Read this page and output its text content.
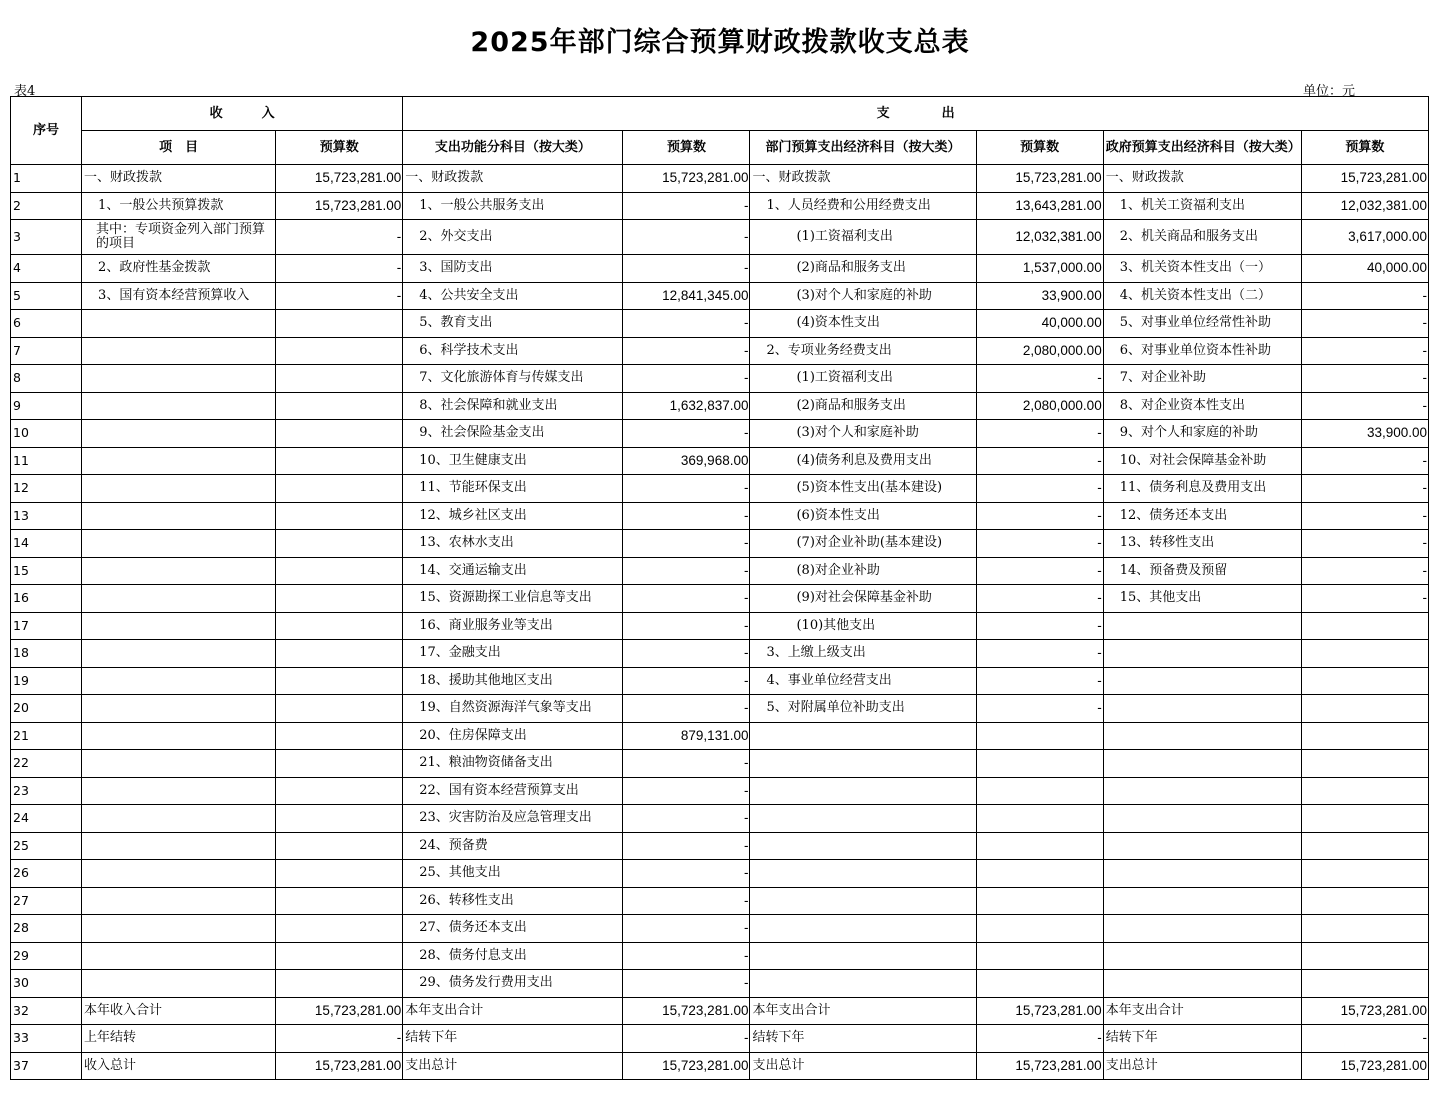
2025年部门综合预算财政拨款收支总表
表4	单位：元
序号	收　　　入		支　　　　出					
	项　目	预算数	支出功能分科目（按大类）	预算数	部门预算支出经济科目（按大类）	预算数	政府预算支出经济科目（按大类）	预算数
1	一、财政拨款	15,723,281.00	一、财政拨款	15,723,281.00	一、财政拨款	15,723,281.00	一、财政拨款	15,723,281.00
2	1、一般公共预算拨款	15,723,281.00	1、一般公共服务支出	-	1、人员经费和公用经费支出	13,643,281.00	1、机关工资福利支出	12,032,381.00
3	其中：专项资金列入部门预算的项目	-	2、外交支出	-	(1)工资福利支出	12,032,381.00	2、机关商品和服务支出	3,617,000.00
4	2、政府性基金拨款	-	3、国防支出	-	(2)商品和服务支出	1,537,000.00	3、机关资本性支出（一）	40,000.00
5	3、国有资本经营预算收入	-	4、公共安全支出	12,841,345.00	(3)对个人和家庭的补助	33,900.00	4、机关资本性支出（二）	-
6			5、教育支出	-	(4)资本性支出	40,000.00	5、对事业单位经常性补助	-
7			6、科学技术支出	-	2、专项业务经费支出	2,080,000.00	6、对事业单位资本性补助	-
8			7、文化旅游体育与传媒支出	-	(1)工资福利支出	-	7、对企业补助	-
9			8、社会保障和就业支出	1,632,837.00	(2)商品和服务支出	2,080,000.00	8、对企业资本性支出	-
10			9、社会保险基金支出	-	(3)对个人和家庭补助	-	9、对个人和家庭的补助	33,900.00
11			10、卫生健康支出	369,968.00	(4)债务利息及费用支出	-	10、对社会保障基金补助	-
12			11、节能环保支出	-	(5)资本性支出(基本建设)	-	11、债务利息及费用支出	-
13			12、城乡社区支出	-	(6)资本性支出	-	12、债务还本支出	-
14			13、农林水支出	-	(7)对企业补助(基本建设)	-	13、转移性支出	-
15			14、交通运输支出	-	(8)对企业补助	-	14、预备费及预留	-
16			15、资源勘探工业信息等支出	-	(9)对社会保障基金补助	-	15、其他支出	-
17			16、商业服务业等支出	-	(10)其他支出	-		
18			17、金融支出	-	3、上缴上级支出	-		
19			18、援助其他地区支出	-	4、事业单位经营支出	-		
20			19、自然资源海洋气象等支出	-	5、对附属单位补助支出	-		
21			20、住房保障支出	879,131.00				
22			21、粮油物资储备支出	-				
23			22、国有资本经营预算支出	-				
24			23、灾害防治及应急管理支出	-				
25			24、预备费	-				
26			25、其他支出	-				
27			26、转移性支出	-				
28			27、债务还本支出	-				
29			28、债务付息支出	-				
30			29、债务发行费用支出	-				
32	本年收入合计	15,723,281.00	本年支出合计	15,723,281.00	本年支出合计	15,723,281.00	本年支出合计	15,723,281.00
33	上年结转	-	结转下年	-	结转下年	-	结转下年	-
37	收入总计	15,723,281.00	支出总计	15,723,281.00	支出总计	15,723,281.00	支出总计	15,723,281.00
